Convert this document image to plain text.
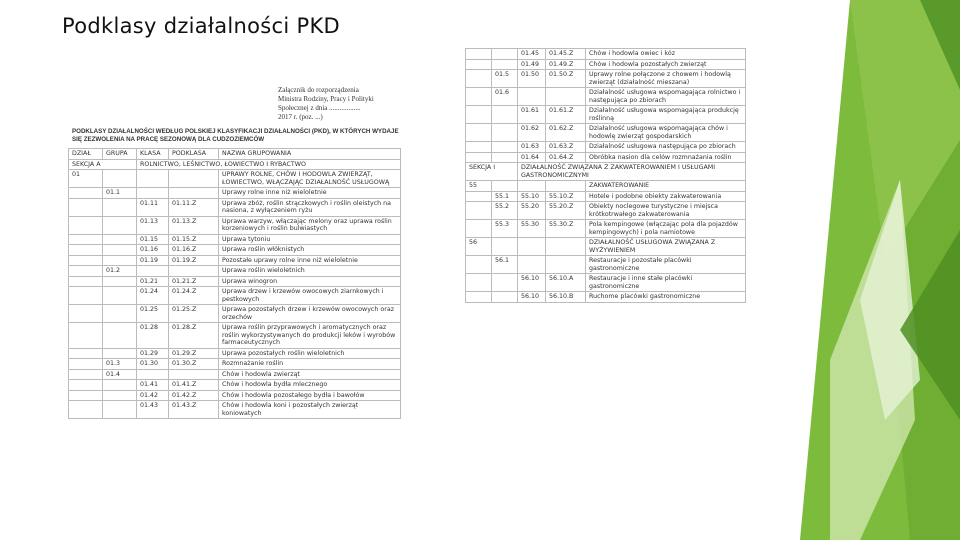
Podklasy działalności PKD
Załącznik do rozporządzenia
Ministra Rodziny, Pracy i Polityki
Społecznej z dnia ..................
2017 r. (poz. ...)
PODKLASY DZIAŁALNOŚCI WEDŁUG POLSKIEJ KLASYFIKACJI DZIAŁALNOŚCI (PKD), W KTÓRYCH WYDAJE SIĘ ZEZWOLENIA NA PRACĘ SEZONOWĄ DLA CUDZOZIEMCÓW
DZIAŁ	GRUPA	KLASA	PODKLASA	NAZWA GRUPOWANIA
SEKCJA A		ROLNICTWO, LEŚNICTWO, ŁOWIECTWO I RYBACTWO		
01				UPRAWY ROLNE, CHÓW I HODOWLA ZWIERZĄT, ŁOWIECTWO, WŁĄCZAJĄC DZIAŁALNOŚĆ USŁUGOWĄ
	01.1			Uprawy rolne inne niż wieloletnie
		01.11	01.11.Z	Uprawa zbóż, roślin strączkowych i roślin oleistych na nasiona, z wyłączeniem ryżu
		01.13	01.13.Z	Uprawa warzyw, włączając melony oraz uprawa roślin korzeniowych i roślin bulwiastych
		01.15	01.15.Z	Uprawa tytoniu
		01.16	01.16.Z	Uprawa roślin włóknistych
		01.19	01.19.Z	Pozostałe uprawy rolne inne niż wieloletnie
	01.2			Uprawa roślin wieloletnich
		01.21	01.21.Z	Uprawa winogron
		01.24	01.24.Z	Uprawa drzew i krzewów owocowych ziarnkowych i pestkowych
		01.25	01.25.Z	Uprawa pozostałych drzew i krzewów owocowych oraz orzechów
		01.28	01.28.Z	Uprawa roślin przyprawowych i aromatycznych oraz roślin wykorzystywanych do produkcji leków i wyrobów farmaceutycznych
		01.29	01.29.Z	Uprawa pozostałych roślin wieloletnich
	01.3	01.30	01.30.Z	Rozmnażanie roślin
	01.4			Chów i hodowla zwierząt
		01.41	01.41.Z	Chów i hodowla bydła mlecznego
		01.42	01.42.Z	Chów i hodowla pozostałego bydła i bawołów
		01.43	01.43.Z	Chów i hodowla koni i pozostałych zwierząt koniowatych
		01.45	01.45.Z	Chów i hodowla owiec i kóz
		01.49	01.49.Z	Chów i hodowla pozostałych zwierząt
	01.5	01.50	01.50.Z	Uprawy rolne połączone z chowem i hodowlą zwierząt (działalność mieszana)
	01.6			Działalność usługowa wspomagająca rolnictwo i następująca po zbiorach
		01.61	01.61.Z	Działalność usługowa wspomagająca produkcję roślinną
		01.62	01.62.Z	Działalność usługowa wspomagająca chów i hodowlę zwierząt gospodarskich
		01.63	01.63.Z	Działalność usługowa następująca po zbiorach
		01.64	01.64.Z	Obróbka nasion dla celów rozmnażania roślin
SEKCJA I		DZIAŁALNOŚĆ ZWIĄZANA Z ZAKWATEROWANIEM I USŁUGAMI GASTRONOMICZNYMI		
55				ZAKWATEROWANIE
	55.1	55.10	55.10.Z	Hotele i podobne obiekty zakwaterowania
	55.2	55.20	55.20.Z	Obiekty noclegowe turystyczne i miejsca krótkotrwałego zakwaterowania
	55.3	55.30	55.30.Z	Pola kempingowe (włączając pola dla pojazdów kempingowych) i pola namiotowe
56				DZIAŁALNOŚĆ USŁUGOWA ZWIĄZANA Z WYŻYWIENIEM
	56.1			Restauracje i pozostałe placówki gastronomiczne
		56.10	56.10.A	Restauracje i inne stałe placówki gastronomiczne
		56.10	56.10.B	Ruchome placówki gastronomiczne
